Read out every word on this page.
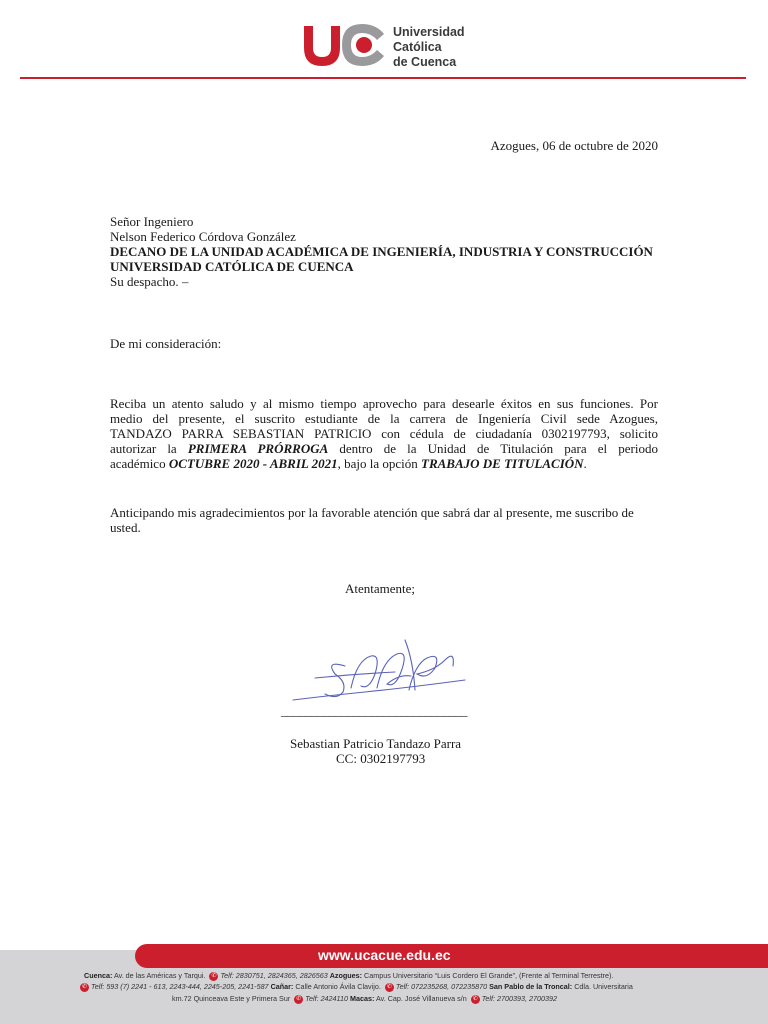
Universidad
Católica
de Cuenca
Azogues, 06 de octubre de 2020
Señor Ingeniero
Nelson Federico Córdova González
DECANO DE LA UNIDAD ACADÉMICA DE INGENIERÍA, INDUSTRIA Y CONSTRUCCIÓN
UNIVERSIDAD CATÓLICA DE CUENCA
Su despacho. –
De mi consideración:
Reciba un atento saludo y al mismo tiempo aprovecho para desearle éxitos en sus funciones. Por
medio del presente, el suscrito estudiante de la carrera de Ingeniería Civil sede Azogues,
TANDAZO PARRA SEBASTIAN PATRICIO con cédula de ciudadanía 0302197793, solicito
autorizar la PRIMERA PRÓRROGA dentro de la Unidad de Titulación para el periodo
académico OCTUBRE 2020 - ABRIL 2021, bajo la opción TRABAJO DE TITULACIÓN.
Anticipando mis agradecimientos por la favorable atención que sabrá dar al presente, me suscribo de usted.
Atentamente;
_______________________________
Sebastian Patricio Tandazo Parra
CC: 0302197793
www.ucacue.edu.ec
Cuenca: Av. de las Américas y Tarqui. ✆ Telf: 2830751, 2824365, 2826563 Azogues: Campus Universitario “Luis Cordero El Grande”, (Frente al Terminal Terrestre).
✆ Telf: 593 (7) 2241 - 613, 2243-444, 2245-205, 2241-587 Cañar: Calle Antonio Ávila Clavijo. ✆ Telf: 072235268, 072235870 San Pablo de la Troncal: Cdla. Universitaria
km.72 Quinceava Este y Primera Sur ✆ Telf: 2424110 Macas: Av. Cap. José Villanueva s/n ✆ Telf: 2700393, 2700392
